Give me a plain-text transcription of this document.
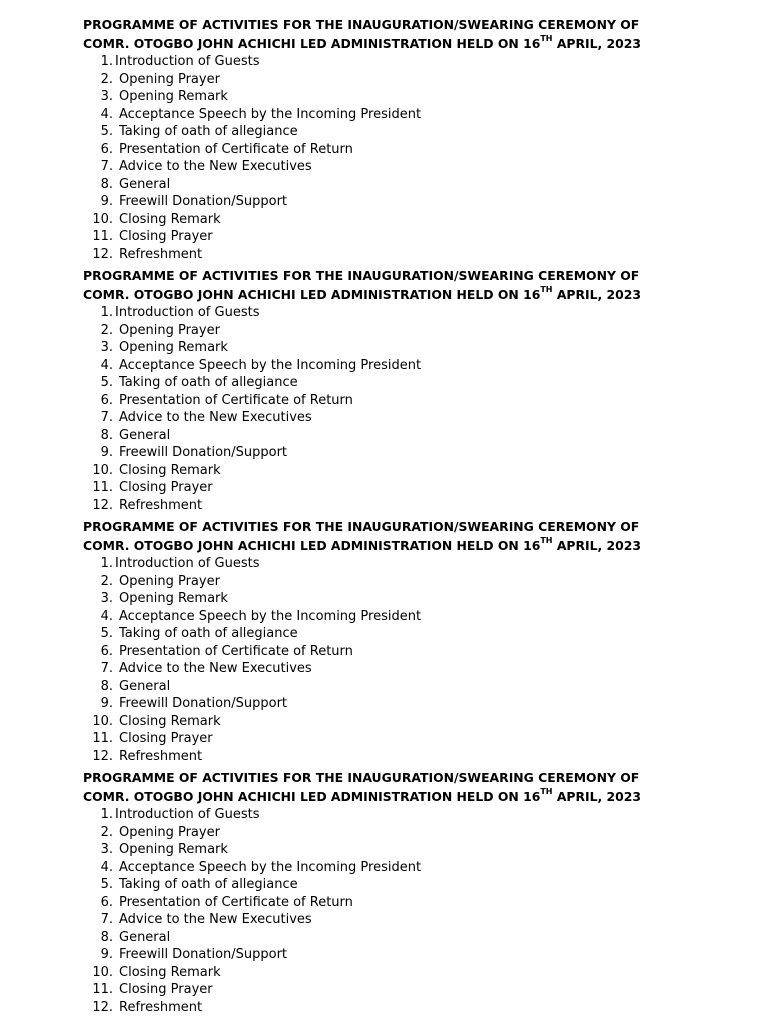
PROGRAMME OF ACTIVITIES FOR THE INAUGURATION/SWEARING CEREMONY OF
COMR. OTOGBO JOHN ACHICHI LED ADMINISTRATION HELD ON 16TH APRIL, 2023
1. Introduction of Guests
2. Opening Prayer
3. Opening Remark
4. Acceptance Speech by the Incoming President
5. Taking of oath of allegiance
6. Presentation of Certificate of Return
7. Advice to the New Executives
8. General
9. Freewill Donation/Support
10. Closing Remark
11. Closing Prayer
12. Refreshment
PROGRAMME OF ACTIVITIES FOR THE INAUGURATION/SWEARING CEREMONY OF
COMR. OTOGBO JOHN ACHICHI LED ADMINISTRATION HELD ON 16TH APRIL, 2023
1. Introduction of Guests
2. Opening Prayer
3. Opening Remark
4. Acceptance Speech by the Incoming President
5. Taking of oath of allegiance
6. Presentation of Certificate of Return
7. Advice to the New Executives
8. General
9. Freewill Donation/Support
10. Closing Remark
11. Closing Prayer
12. Refreshment
PROGRAMME OF ACTIVITIES FOR THE INAUGURATION/SWEARING CEREMONY OF
COMR. OTOGBO JOHN ACHICHI LED ADMINISTRATION HELD ON 16TH APRIL, 2023
1. Introduction of Guests
2. Opening Prayer
3. Opening Remark
4. Acceptance Speech by the Incoming President
5. Taking of oath of allegiance
6. Presentation of Certificate of Return
7. Advice to the New Executives
8. General
9. Freewill Donation/Support
10. Closing Remark
11. Closing Prayer
12. Refreshment
PROGRAMME OF ACTIVITIES FOR THE INAUGURATION/SWEARING CEREMONY OF
COMR. OTOGBO JOHN ACHICHI LED ADMINISTRATION HELD ON 16TH APRIL, 2023
1. Introduction of Guests
2. Opening Prayer
3. Opening Remark
4. Acceptance Speech by the Incoming President
5. Taking of oath of allegiance
6. Presentation of Certificate of Return
7. Advice to the New Executives
8. General
9. Freewill Donation/Support
10. Closing Remark
11. Closing Prayer
12. Refreshment
